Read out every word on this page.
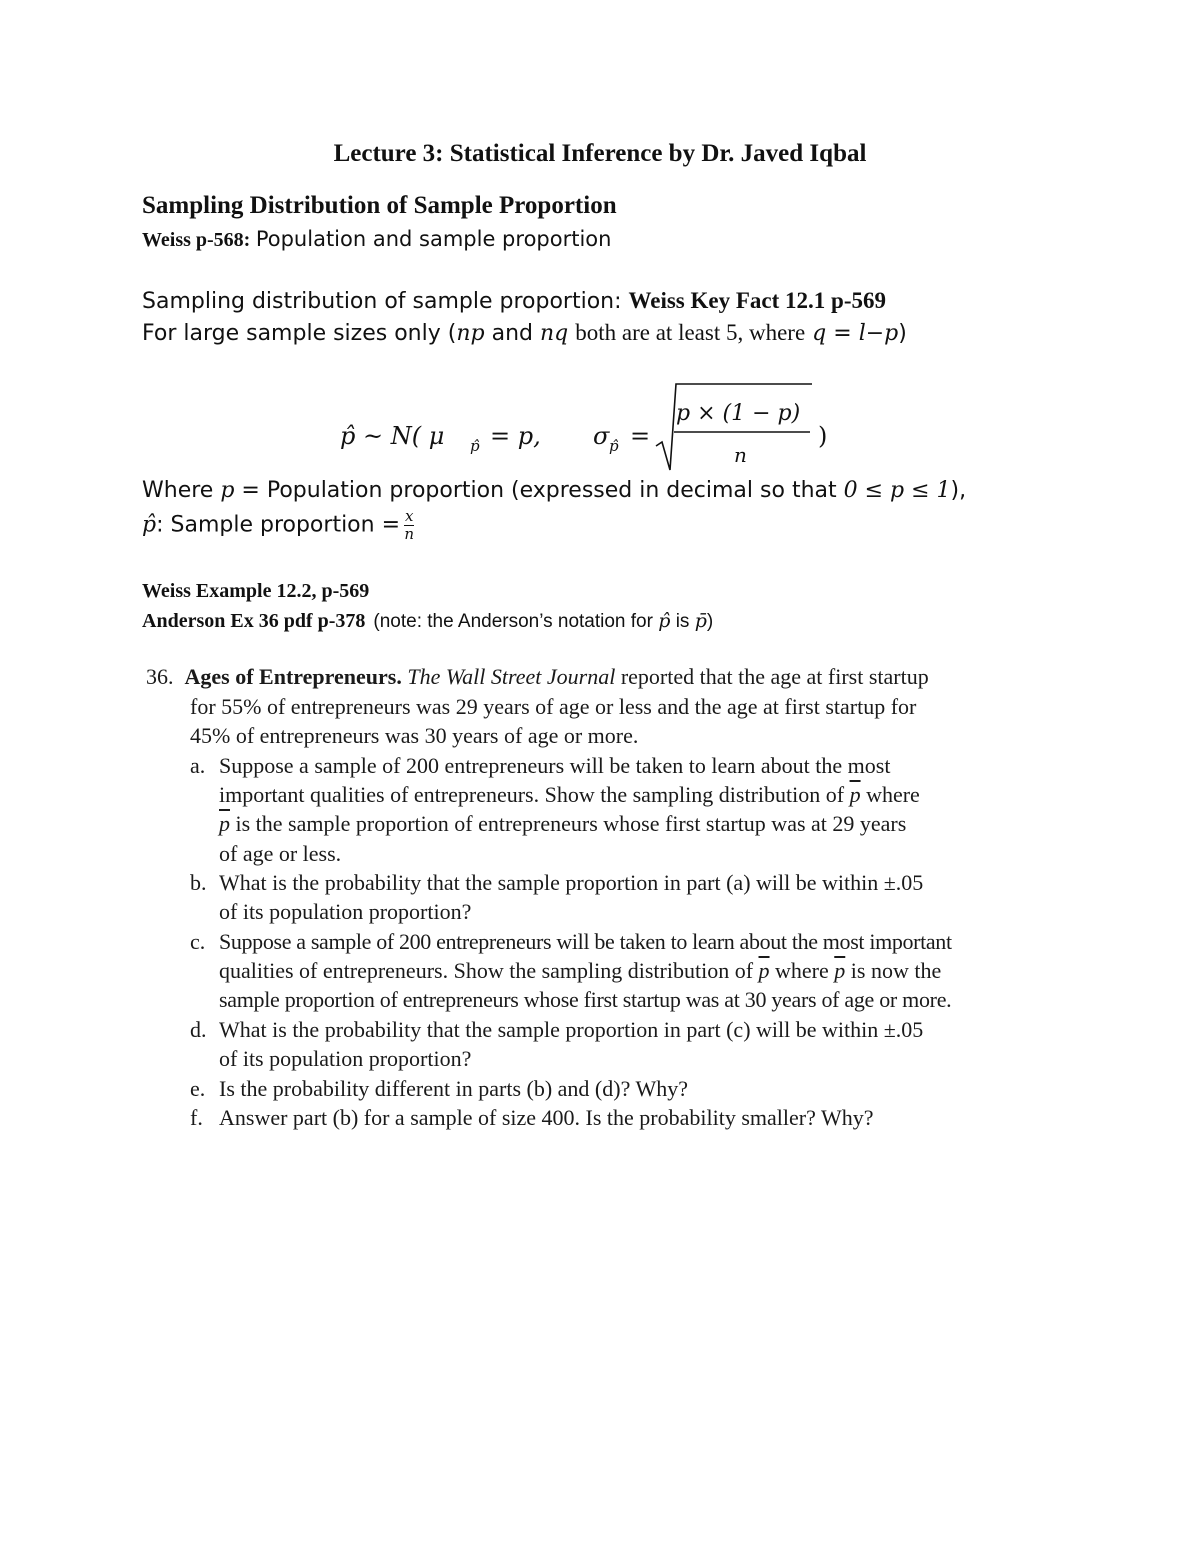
Lecture 3: Statistical Inference by Dr. Javed Iqbal
Sampling Distribution of Sample Proportion
Weiss p-568: Population and sample proportion
Sampling distribution of sample proportion: Weiss Key Fact 12.1 p-569
For large sample sizes only (np and nq both are at least 5, where q = l−p)
p̂ ~ N( μ p̂ = p, σ p̂ =
p × (1 − p)
n
)
Where p = Population proportion (expressed in decimal so that 0 ≤ p ≤ 1),
p̂: Sample proportion = $\frac{x}{n}$
Weiss Example 12.2, p-569
Anderson Ex 36 pdf p-378 (note: the Anderson’s notation for p̂ is p̄)
36. Ages of Entrepreneurs. The Wall Street Journal reported that the age at first startup
for 55% of entrepreneurs was 29 years of age or less and the age at first startup for
45% of entrepreneurs was 30 years of age or more.
a. Suppose a sample of 200 entrepreneurs will be taken to learn about the most
important qualities of entrepreneurs. Show the sampling distribution of $\overline{p}$ where
$\overline{p}$ is the sample proportion of entrepreneurs whose first startup was at 29 years
of age or less.
b. What is the probability that the sample proportion in part (a) will be within ±.05
of its population proportion?
c. Suppose a sample of 200 entrepreneurs will be taken to learn about the most important
qualities of entrepreneurs. Show the sampling distribution of $\overline{p}$ where $\overline{p}$ is now the
sample proportion of entrepreneurs whose first startup was at 30 years of age or more.
d. What is the probability that the sample proportion in part (c) will be within ±.05
of its population proportion?
e. Is the probability different in parts (b) and (d)? Why?
f. Answer part (b) for a sample of size 400. Is the probability smaller? Why?
